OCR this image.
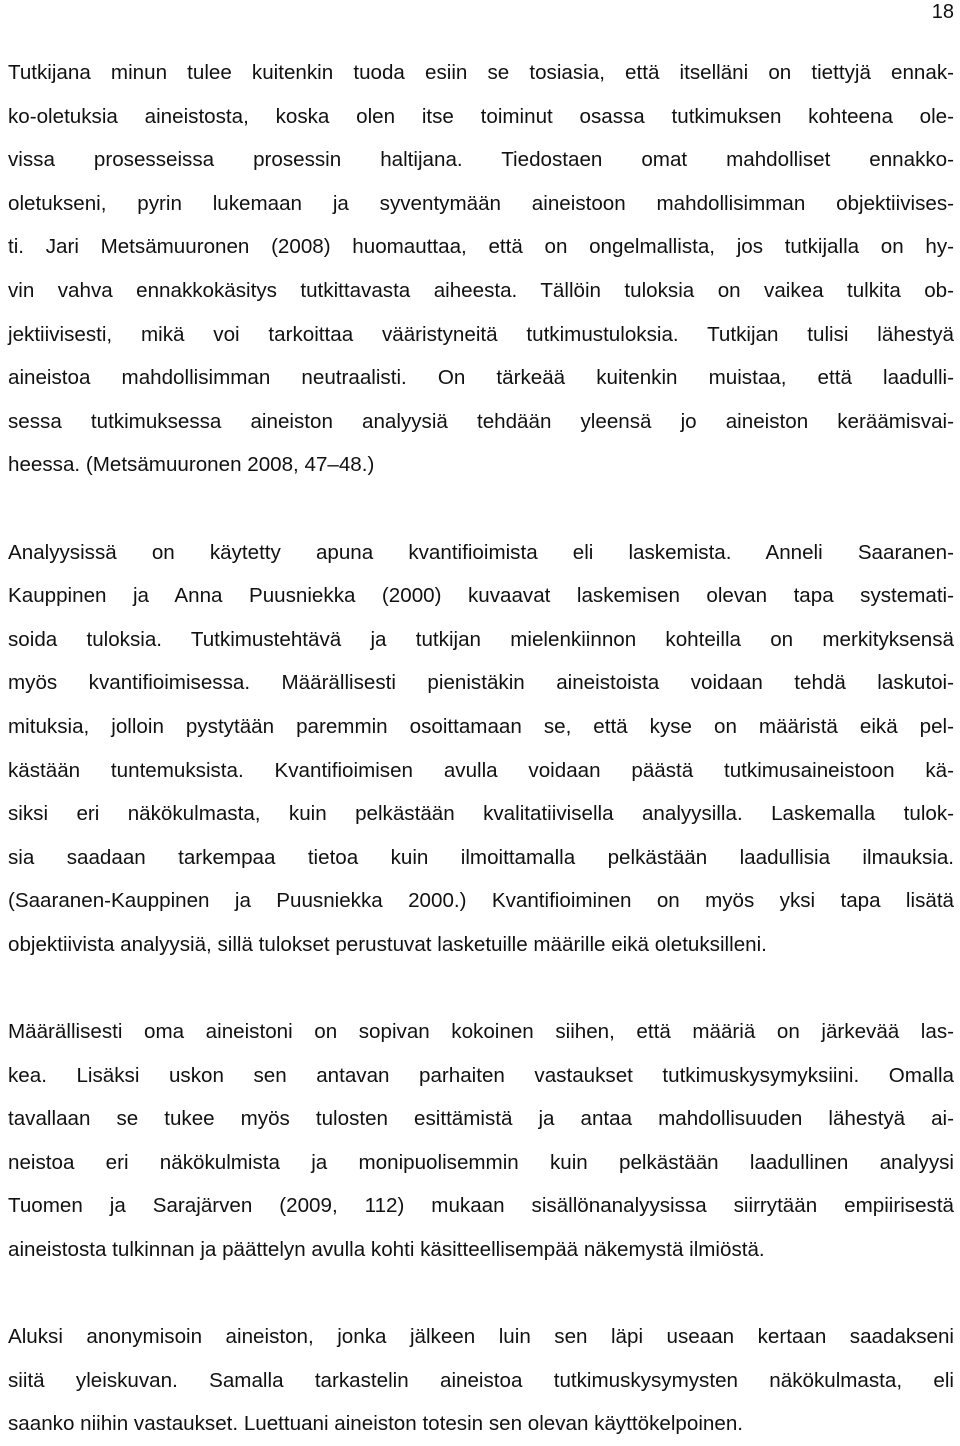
18

Tutkijana minun tulee kuitenkin tuoda esiin se tosiasia, että itselläni on tiettyjä ennak-
ko-oletuksia aineistosta, koska olen itse toiminut osassa tutkimuksen kohteena ole-
vissa prosesseissa prosessin haltijana. Tiedostaen omat mahdolliset ennakko-
oletukseni, pyrin lukemaan ja syventymään aineistoon mahdollisimman objektiivises-
ti. Jari Metsämuuronen (2008) huomauttaa, että on ongelmallista, jos tutkijalla on hy-
vin vahva ennakkokäsitys tutkittavasta aiheesta. Tällöin tuloksia on vaikea tulkita ob-
jektiivisesti, mikä voi tarkoittaa vääristyneitä tutkimustuloksia. Tutkijan tulisi lähestyä
aineistoa mahdollisimman neutraalisti. On tärkeää kuitenkin muistaa, että laadulli-
sessa tutkimuksessa aineiston analyysiä tehdään yleensä jo aineiston keräämisvai-
heessa. (Metsämuuronen 2008, 47–48.)

Analyysissä on käytetty apuna kvantifioimista eli laskemista. Anneli Saaranen-
Kauppinen ja Anna Puusniekka (2000) kuvaavat laskemisen olevan tapa systemati-
soida tuloksia. Tutkimustehtävä ja tutkijan mielenkiinnon kohteilla on merkityksensä
myös kvantifioimisessa. Määrällisesti pienistäkin aineistoista voidaan tehdä laskutoi-
mituksia, jolloin pystytään paremmin osoittamaan se, että kyse on määristä eikä pel-
kästään tuntemuksista. Kvantifioimisen avulla voidaan päästä tutkimusaineistoon kä-
siksi eri näkökulmasta, kuin pelkästään kvalitatiivisella analyysilla. Laskemalla tulok-
sia saadaan tarkempaa tietoa kuin ilmoittamalla pelkästään laadullisia ilmauksia.
(Saaranen-Kauppinen ja Puusniekka 2000.) Kvantifioiminen on myös yksi tapa lisätä
objektiivista analyysiä, sillä tulokset perustuvat lasketuille määrille eikä oletuksilleni.

Määrällisesti oma aineistoni on sopivan kokoinen siihen, että määriä on järkevää las-
kea. Lisäksi uskon sen antavan parhaiten vastaukset tutkimuskysymyksiini. Omalla
tavallaan se tukee myös tulosten esittämistä ja antaa mahdollisuuden lähestyä ai-
neistoa eri näkökulmista ja monipuolisemmin kuin pelkästään laadullinen analyysi
Tuomen ja Sarajärven (2009, 112) mukaan sisällönanalyysissa siirrytään empiirisestä
aineistosta tulkinnan ja päättelyn avulla kohti käsitteellisempää näkemystä ilmiöstä.

Aluksi anonymisoin aineiston, jonka jälkeen luin sen läpi useaan kertaan saadakseni
siitä yleiskuvan. Samalla tarkastelin aineistoa tutkimuskysymysten näkökulmasta, eli
saanko niihin vastaukset. Luettuani aineiston totesin sen olevan käyttökelpoinen.
